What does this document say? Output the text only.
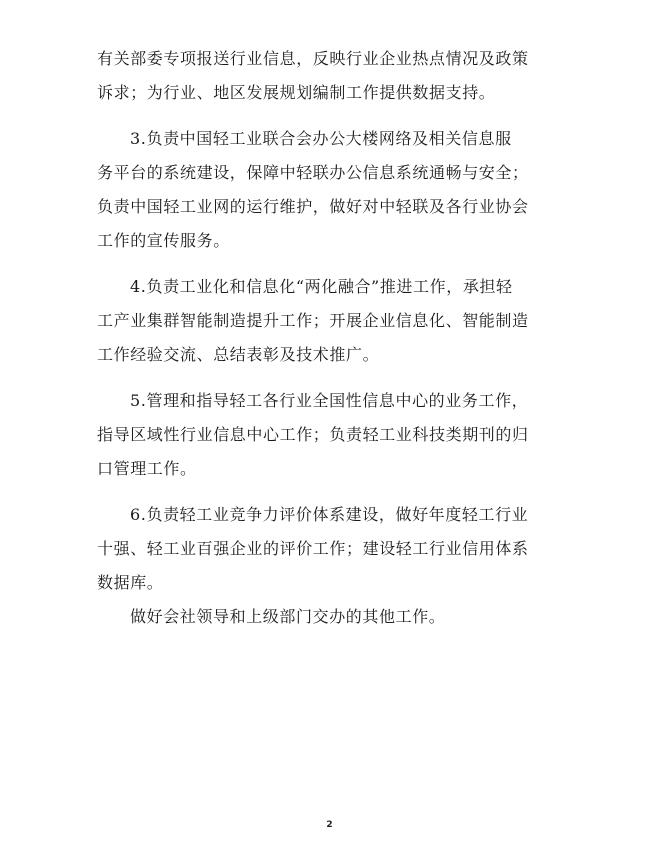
有关部委专项报送行业信息，反映行业企业热点情况及政策
诉求；为行业、地区发展规划编制工作提供数据支持。
3.负责中国轻工业联合会办公大楼网络及相关信息服
务平台的系统建设，保障中轻联办公信息系统通畅与安全；
负责中国轻工业网的运行维护，做好对中轻联及各行业协会
工作的宣传服务。
4.负责工业化和信息化“两化融合”推进工作，承担轻
工产业集群智能制造提升工作；开展企业信息化、智能制造
工作经验交流、总结表彰及技术推广。
5.管理和指导轻工各行业全国性信息中心的业务工作，
指导区域性行业信息中心工作；负责轻工业科技类期刊的归
口管理工作。
6.负责轻工业竞争力评价体系建设，做好年度轻工行业
十强、轻工业百强企业的评价工作；建设轻工行业信用体系
数据库。
做好会社领导和上级部门交办的其他工作。
2
